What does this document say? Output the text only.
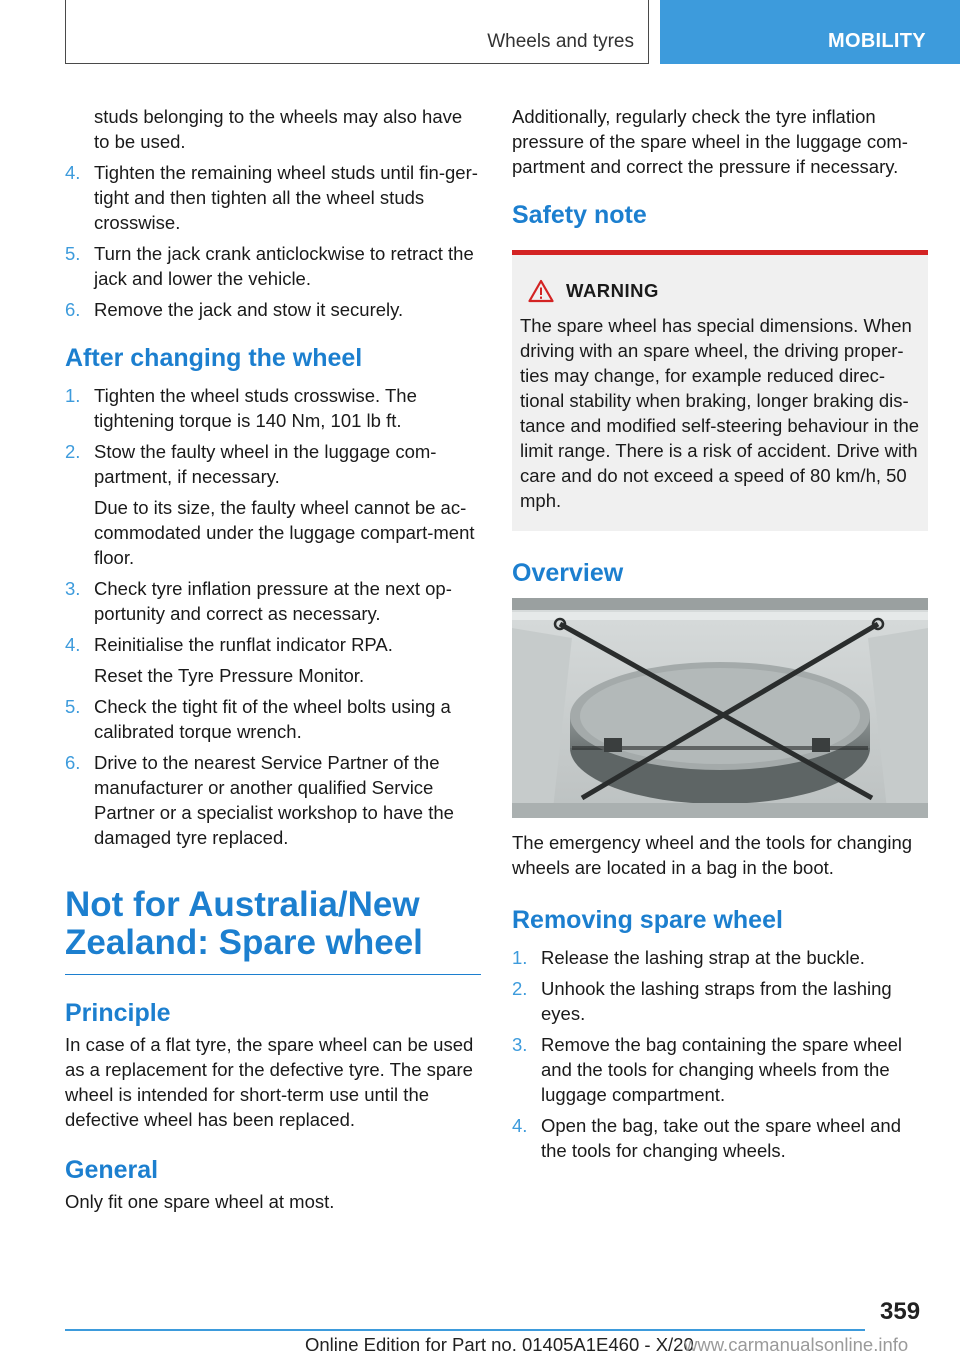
Wheels and tyres	MOBILITY

studs belonging to the wheels may also have to be used.

4. Tighten the remaining wheel studs until fin-ger-tight and then tighten all the wheel studs crosswise.
5. Turn the jack crank anticlockwise to retract the jack and lower the vehicle.
6. Remove the jack and stow it securely.
After changing the wheel
1. Tighten the wheel studs crosswise. The tightening torque is 140 Nm, 101 lb ft.
2. Stow the faulty wheel in the luggage com-partment, if necessary.
Due to its size, the faulty wheel cannot be ac-commodated under the luggage compart-ment floor.
3. Check tyre inflation pressure at the next op-portunity and correct as necessary.
4. Reinitialise the runflat indicator RPA.
Reset the Tyre Pressure Monitor.
5. Check the tight fit of the wheel bolts using a calibrated torque wrench.
6. Drive to the nearest Service Partner of the manufacturer or another qualified Service Partner or a specialist workshop to have the damaged tyre replaced.
Not for Australia/New Zealand: Spare wheel
Principle

In case of a flat tyre, the spare wheel can be used as a replacement for the defective tyre. The spare wheel is intended for short-term use until the defective wheel has been replaced.

General

Only fit one spare wheel at most.

Additionally, regularly check the tyre inflation pressure of the spare wheel in the luggage com-partment and correct the pressure if necessary.

Safety note
WARNING

The spare wheel has special dimensions. When driving with an spare wheel, the driving proper-ties may change, for example reduced direc-tional stability when braking, longer braking dis-tance and modified self-steering behaviour in the limit range. There is a risk of accident. Drive with care and do not exceed a speed of 80 km/h, 50 mph.

Overview

The emergency wheel and the tools for changing wheels are located in a bag in the boot.

Removing spare wheel
1. Release the lashing strap at the buckle.
2. Unhook the lashing straps from the lashing eyes.
3. Remove the bag containing the spare wheel and the tools for changing wheels from the luggage compartment.
4. Open the bag, take out the spare wheel and the tools for changing wheels.
359
Online Edition for Part no. 01405A1E460 - X/20
www.carmanualsonline.info
